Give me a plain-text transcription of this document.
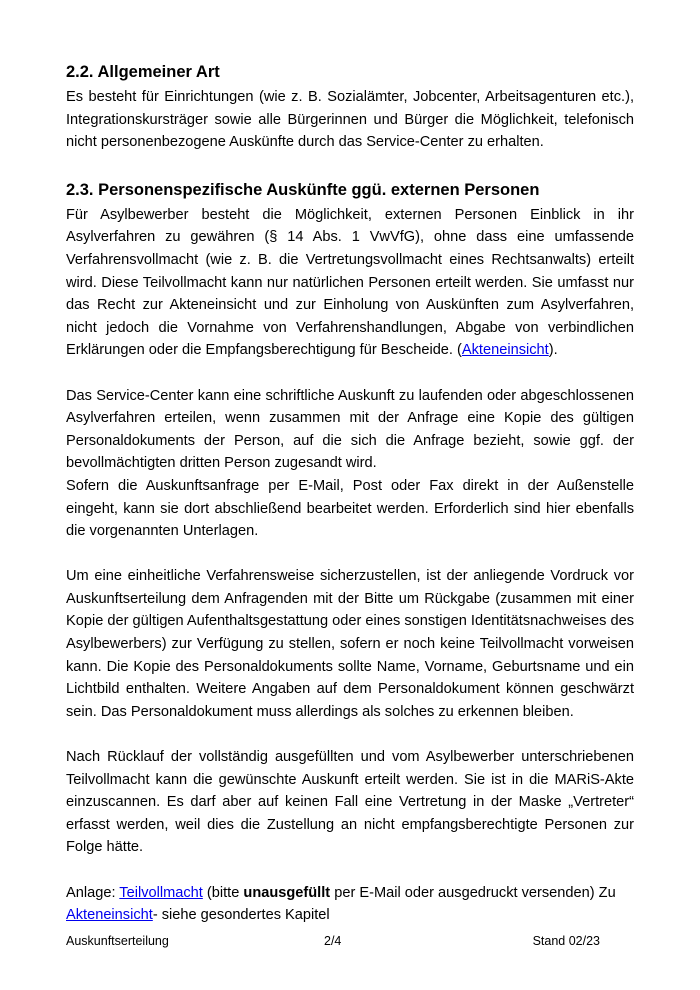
2.2. Allgemeiner Art

Es besteht für Einrichtungen (wie z. B. Sozialämter, Jobcenter, Arbeitsagenturen etc.), Integrationskursträger sowie alle Bürgerinnen und Bürger die Möglichkeit, telefonisch nicht personenbezogene Auskünfte durch das Service-Center zu erhalten.

2.3. Personenspezifische Auskünfte ggü. externen Personen

Für Asylbewerber besteht die Möglichkeit, externen Personen Einblick in ihr Asylverfahren zu gewähren (§ 14 Abs. 1 VwVfG), ohne dass eine umfassende Verfahrensvollmacht (wie z. B. die Vertretungsvollmacht eines Rechtsanwalts) erteilt wird. Diese Teilvollmacht kann nur natürlichen Personen erteilt werden. Sie umfasst nur das Recht zur Akteneinsicht und zur Einholung von Auskünften zum Asylverfahren, nicht jedoch die Vornahme von Verfahrenshandlungen, Abgabe von verbindlichen Erklärungen oder die Empfangsberechtigung für Bescheide. (Akteneinsicht).

Das Service-Center kann eine schriftliche Auskunft zu laufenden oder abgeschlossenen Asylverfahren erteilen, wenn zusammen mit der Anfrage eine Kopie des gültigen Personaldokuments der Person, auf die sich die Anfrage bezieht, sowie ggf. der bevollmächtigten dritten Person zugesandt wird.

Sofern die Auskunftsanfrage per E-Mail, Post oder Fax direkt in der Außenstelle eingeht, kann sie dort abschließend bearbeitet werden. Erforderlich sind hier ebenfalls die vorgenannten Unterlagen.

Um eine einheitliche Verfahrensweise sicherzustellen, ist der anliegende Vordruck vor Auskunftserteilung dem Anfragenden mit der Bitte um Rückgabe (zusammen mit einer Kopie der gültigen Aufenthaltsgestattung oder eines sonstigen Identitätsnachweises des Asylbewerbers) zur Verfügung zu stellen, sofern er noch keine Teilvollmacht vorweisen kann. Die Kopie des Personaldokuments sollte Name, Vorname, Geburtsname und ein Lichtbild enthalten. Weitere Angaben auf dem Personaldokument können geschwärzt sein. Das Personaldokument muss allerdings als solches zu erkennen bleiben.

Nach Rücklauf der vollständig ausgefüllten und vom Asylbewerber unterschriebenen Teilvollmacht kann die gewünschte Auskunft erteilt werden. Sie ist in die MARiS-Akte einzuscannen. Es darf aber auf keinen Fall eine Vertretung in der Maske „Vertreter“ erfasst werden, weil dies die Zustellung an nicht empfangsberechtigte Personen zur Folge hätte.

Anlage: Teilvollmacht (bitte unausgefüllt per E-Mail oder ausgedruckt versenden) Zu Akteneinsicht- siehe gesondertes Kapitel

Auskunftserteilung	2/4	Stand 02/23
